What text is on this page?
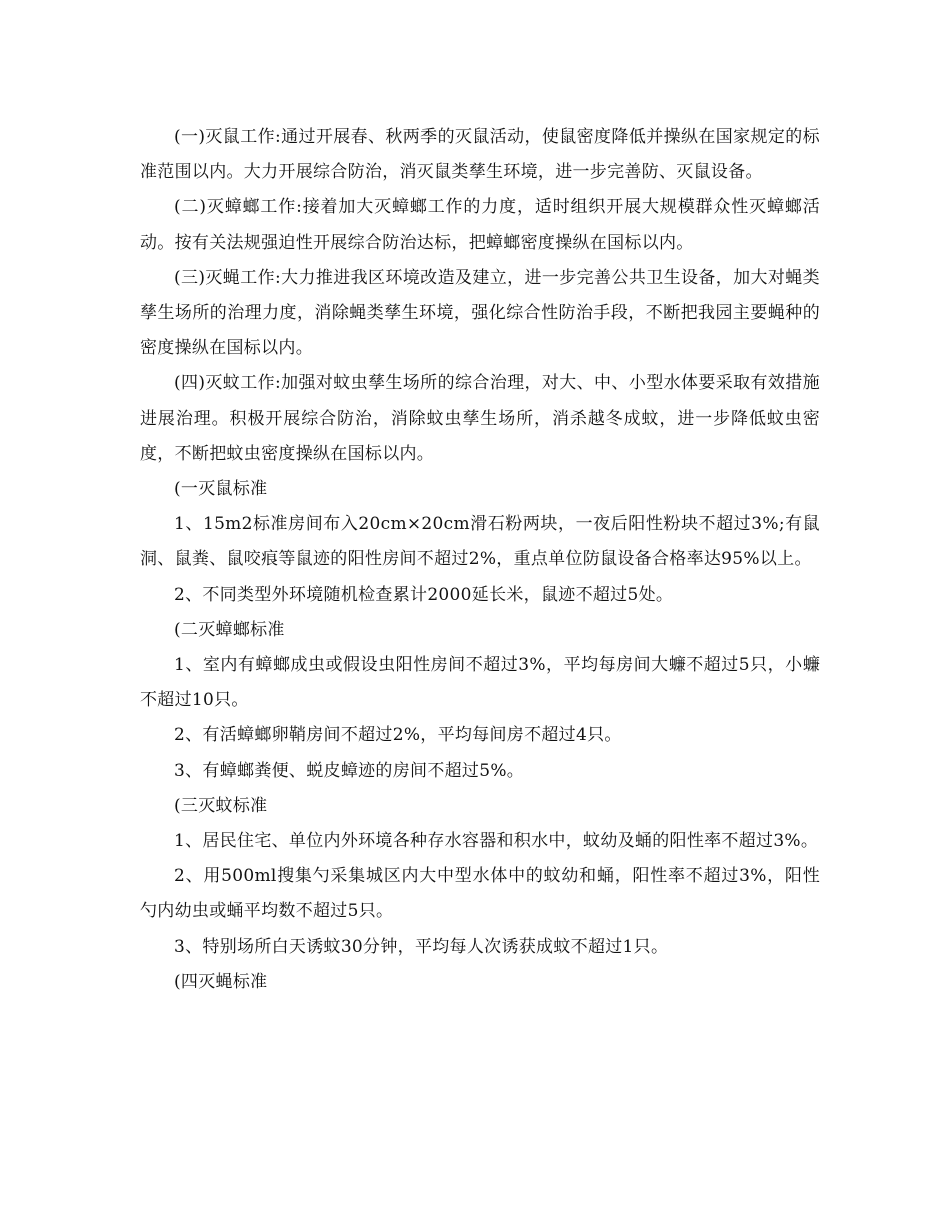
(一)灭鼠工作:通过开展春、秋两季的灭鼠活动，使鼠密度降低并操纵在国家规定的标准范围以内。大力开展综合防治，消灭鼠类孳生环境，进一步完善防、灭鼠设备。

(二)灭蟑螂工作:接着加大灭蟑螂工作的力度，适时组织开展大规模群众性灭蟑螂活动。按有关法规强迫性开展综合防治达标，把蟑螂密度操纵在国标以内。

(三)灭蝇工作:大力推进我区环境改造及建立，进一步完善公共卫生设备，加大对蝇类孳生场所的治理力度，消除蝇类孳生环境，强化综合性防治手段，不断把我园主要蝇种的密度操纵在国标以内。

(四)灭蚊工作:加强对蚊虫孳生场所的综合治理，对大、中、小型水体要采取有效措施进展治理。积极开展综合防治，消除蚊虫孳生场所，消杀越冬成蚊，进一步降低蚊虫密度，不断把蚊虫密度操纵在国标以内。

(一灭鼠标准

1、15m2标准房间布入20cm×20cm滑石粉两块，一夜后阳性粉块不超过3%;有鼠洞、鼠粪、鼠咬痕等鼠迹的阳性房间不超过2%，重点单位防鼠设备合格率达95%以上。

2、不同类型外环境随机检查累计2000延长米，鼠迹不超过5处。

(二灭蟑螂标准

1、室内有蟑螂成虫或假设虫阳性房间不超过3%，平均每房间大蠊不超过5只，小蠊不超过10只。

2、有活蟑螂卵鞘房间不超过2%，平均每间房不超过4只。

3、有蟑螂粪便、蜕皮蟑迹的房间不超过5%。

(三灭蚊标准

1、居民住宅、单位内外环境各种存水容器和积水中，蚊幼及蛹的阳性率不超过3%。

2、用500ml搜集勺采集城区内大中型水体中的蚊幼和蛹，阳性率不超过3%，阳性勺内幼虫或蛹平均数不超过5只。

3、特别场所白天诱蚊30分钟，平均每人次诱获成蚊不超过1只。

(四灭蝇标准
